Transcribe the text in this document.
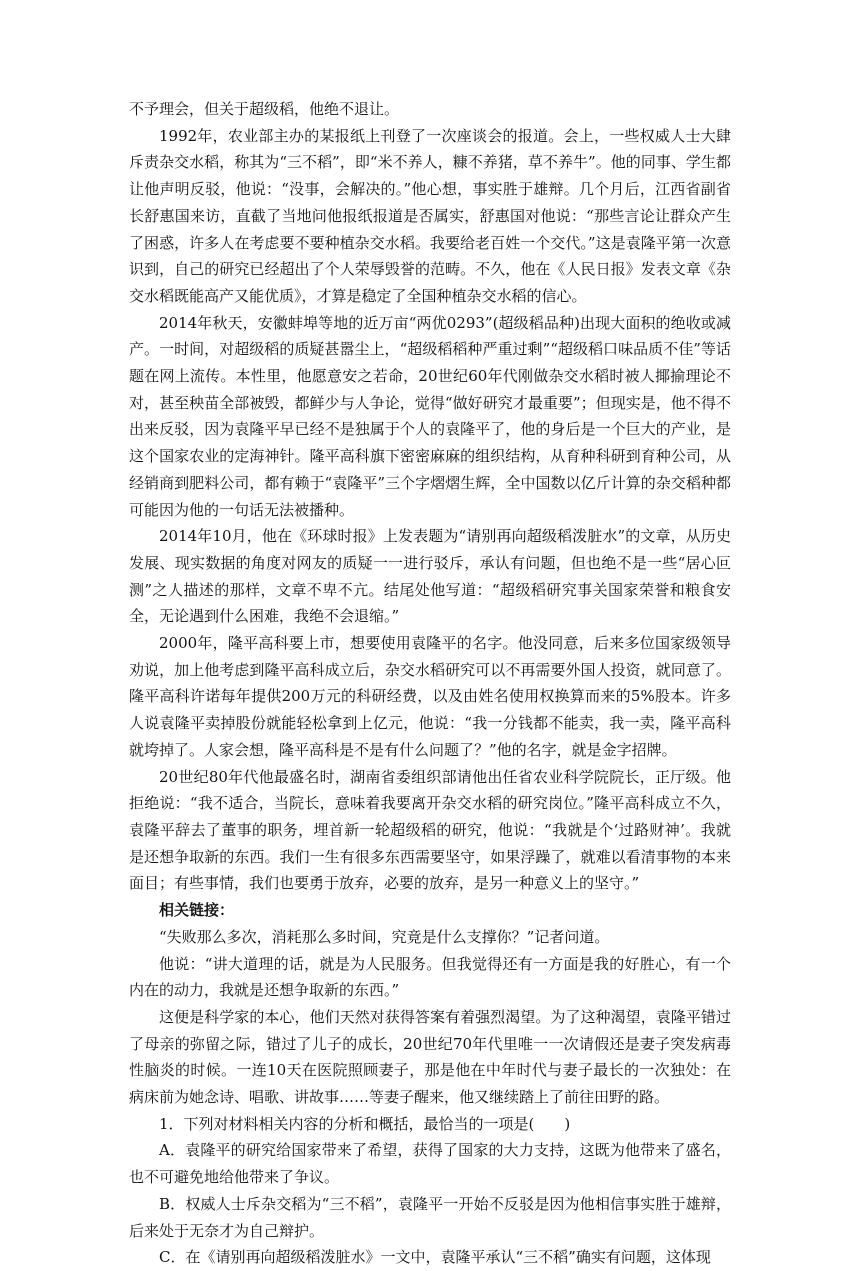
不予理会，但关于超级稻，他绝不退让。

1992年，农业部主办的某报纸上刊登了一次座谈会的报道。会上，一些权威人士大肆斥责杂交水稻，称其为“三不稻”，即“米不养人，糠不养猪，草不养牛”。他的同事、学生都让他声明反驳，他说：“没事，会解决的。”他心想，事实胜于雄辩。几个月后，江西省副省长舒惠国来访，直截了当地问他报纸报道是否属实，舒惠国对他说：“那些言论让群众产生了困惑，许多人在考虑要不要种植杂交水稻。我要给老百姓一个交代。”这是袁隆平第一次意识到，自己的研究已经超出了个人荣辱毁誉的范畴。不久，他在《人民日报》发表文章《杂交水稻既能高产又能优质》，才算是稳定了全国种植杂交水稻的信心。

2014年秋天，安徽蚌埠等地的近万亩“两优0293”(超级稻品种)出现大面积的绝收或减产。一时间，对超级稻的质疑甚嚣尘上，“超级稻稻种严重过剩”“超级稻口味品质不佳”等话题在网上流传。本性里，他愿意安之若命，20世纪60年代刚做杂交水稻时被人揶揄理论不对，甚至秧苗全部被毁，都鲜少与人争论，觉得“做好研究才最重要”；但现实是，他不得不出来反驳，因为袁隆平早已经不是独属于个人的袁隆平了，他的身后是一个巨大的产业，是这个国家农业的定海神针。隆平高科旗下密密麻麻的组织结构，从育种科研到育种公司，从经销商到肥料公司，都有赖于“袁隆平”三个字熠熠生辉，全中国数以亿斤计算的杂交稻种都可能因为他的一句话无法被播种。

2014年10月，他在《环球时报》上发表题为“请别再向超级稻泼脏水”的文章，从历史发展、现实数据的角度对网友的质疑一一进行驳斥，承认有问题，但也绝不是一些“居心叵测”之人描述的那样，文章不卑不亢。结尾处他写道：“超级稻研究事关国家荣誉和粮食安全，无论遇到什么困难，我绝不会退缩。”

2000年，隆平高科要上市，想要使用袁隆平的名字。他没同意，后来多位国家级领导劝说，加上他考虑到隆平高科成立后，杂交水稻研究可以不再需要外国人投资，就同意了。隆平高科许诺每年提供200万元的科研经费，以及由姓名使用权换算而来的5%股本。许多人说袁隆平卖掉股份就能轻松拿到上亿元，他说：“我一分钱都不能卖，我一卖，隆平高科就垮掉了。人家会想，隆平高科是不是有什么问题了？”他的名字，就是金字招牌。

20世纪80年代他最盛名时，湖南省委组织部请他出任省农业科学院院长，正厅级。他拒绝说：“我不适合，当院长，意味着我要离开杂交水稻的研究岗位。”隆平高科成立不久，袁隆平辞去了董事的职务，埋首新一轮超级稻的研究，他说：“我就是个‘过路财神’。我就是还想争取新的东西。我们一生有很多东西需要坚守，如果浮躁了，就难以看清事物的本来面目；有些事情，我们也要勇于放弃，必要的放弃，是另一种意义上的坚守。”

相关链接：

“失败那么多次，消耗那么多时间，究竟是什么支撑你？”记者问道。

他说：“讲大道理的话，就是为人民服务。但我觉得还有一方面是我的好胜心，有一个内在的动力，我就是还想争取新的东西。”

这便是科学家的本心，他们天然对获得答案有着强烈渴望。为了这种渴望，袁隆平错过了母亲的弥留之际，错过了儿子的成长，20世纪70年代里唯一一次请假还是妻子突发病毒性脑炎的时候。一连10天在医院照顾妻子，那是他在中年时代与妻子最长的一次独处：在病床前为她念诗、唱歌、讲故事……等妻子醒来，他又继续踏上了前往田野的路。

1．下列对材料相关内容的分析和概括，最恰当的一项是(　　)

A．袁隆平的研究给国家带来了希望，获得了国家的大力支持，这既为他带来了盛名，也不可避免地给他带来了争议。

B．权威人士斥杂交稻为“三不稻”，袁隆平一开始不反驳是因为他相信事实胜于雄辩，后来处于无奈才为自己辩护。

C．在《请别再向超级稻泼脏水》一文中，袁隆平承认“三不稻”确实有问题，这体现
